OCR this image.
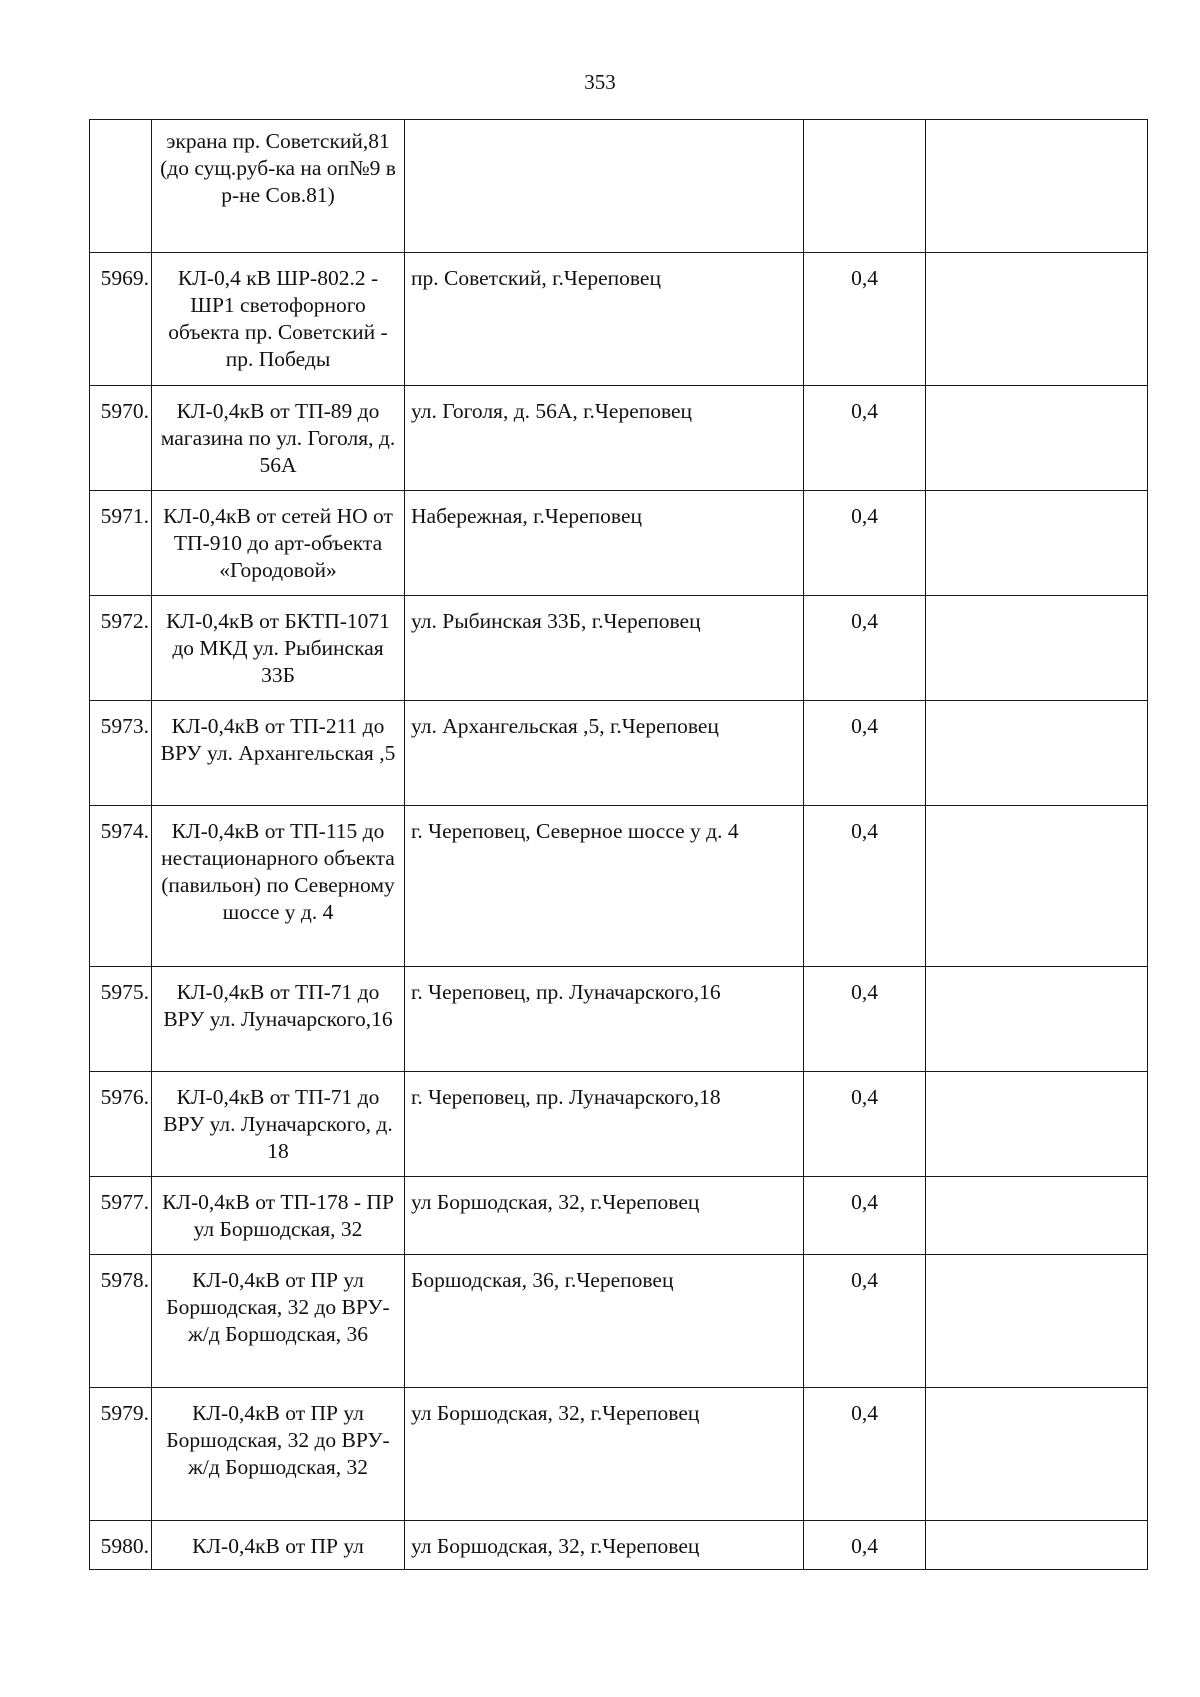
353
	экрана пр. Советский,81 (до сущ.руб-ка на оп№9 в р-не Сов.81)			
5969.	КЛ-0,4 кВ ШР-802.2 - ШР1 светофорного объекта пр. Советский - пр. Победы	пр. Советский, г.Череповец	0,4	
5970.	КЛ-0,4кВ от ТП-89 до магазина по ул. Гоголя, д. 56А	ул. Гоголя, д. 56А, г.Череповец	0,4	
5971.	КЛ-0,4кВ от сетей НО от ТП-910 до арт-объекта «Городовой»	Набережная, г.Череповец	0,4	
5972.	КЛ-0,4кВ от БКТП-1071 до МКД ул. Рыбинская 33Б	ул. Рыбинская 33Б, г.Череповец	0,4	
5973.	КЛ-0,4кВ от ТП-211 до ВРУ ул. Архангельская ,5	ул. Архангельская ,5, г.Череповец	0,4	
5974.	КЛ-0,4кВ от ТП-115 до нестационарного объекта (павильон) по Северному шоссе у д. 4	г. Череповец, Северное шоссе у д. 4	0,4	
5975.	КЛ-0,4кВ от ТП-71 до ВРУ ул. Луначарского,16	г. Череповец, пр. Луначарского,16	0,4	
5976.	КЛ-0,4кВ от ТП-71 до ВРУ ул. Луначарского, д. 18	г. Череповец, пр. Луначарского,18	0,4	
5977.	КЛ-0,4кВ от ТП-178 - ПР ул Боршодская, 32	ул Боршодская, 32, г.Череповец	0,4	
5978.	КЛ-0,4кВ от ПР ул Боршодская, 32 до ВРУ- ж/д Боршодская, 36	Боршодская, 36, г.Череповец	0,4	
5979.	КЛ-0,4кВ от ПР ул Боршодская, 32 до ВРУ- ж/д Боршодская, 32	ул Боршодская, 32, г.Череповец	0,4	
5980.	КЛ-0,4кВ от ПР ул	ул Боршодская, 32, г.Череповец	0,4	
